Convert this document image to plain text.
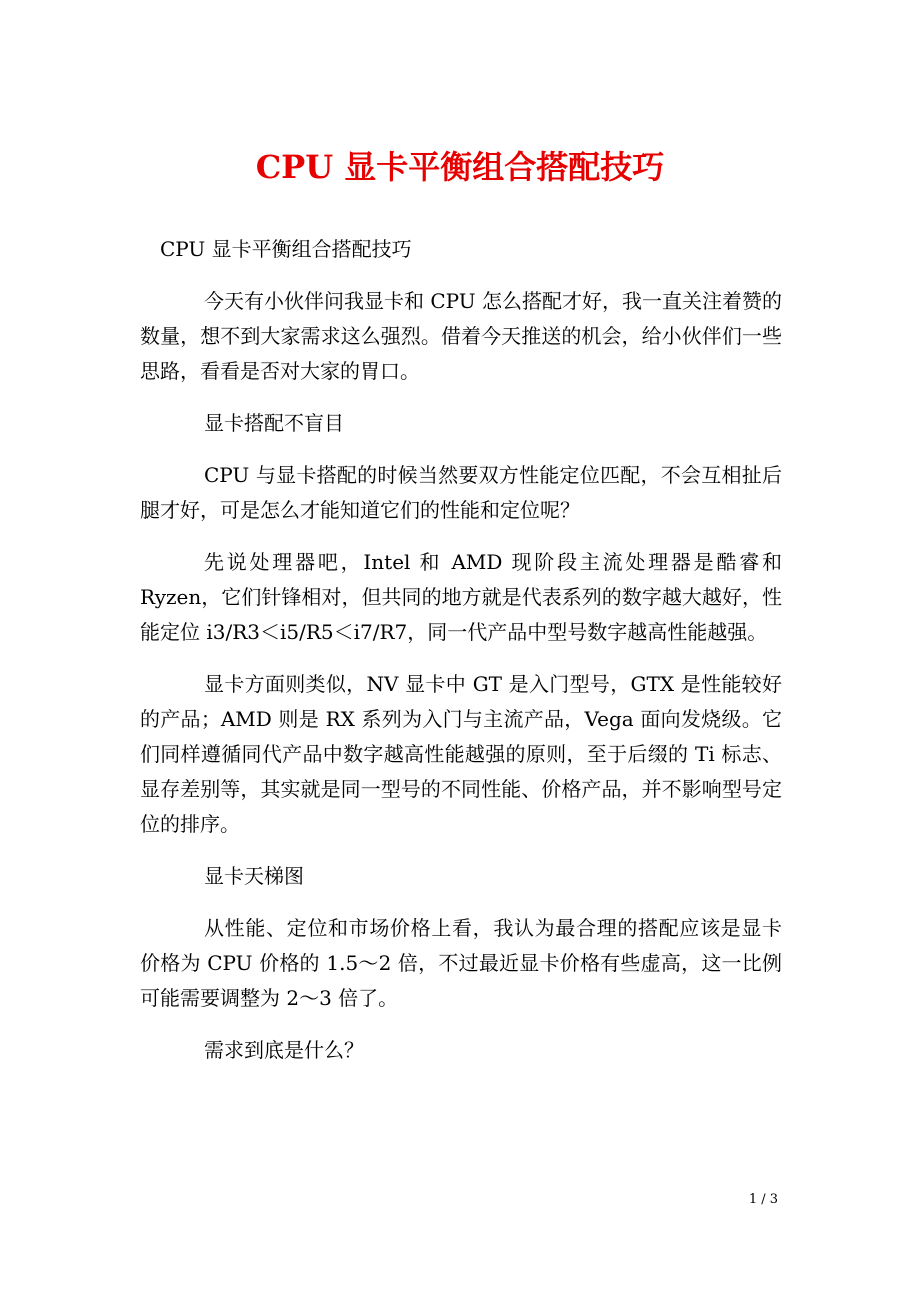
CPU 显卡平衡组合搭配技巧

CPU 显卡平衡组合搭配技巧

今天有小伙伴问我显卡和 CPU 怎么搭配才好，我一直关注着赞的数量，想不到大家需求这么强烈。借着今天推送的机会，给小伙伴们一些思路，看看是否对大家的胃口。

显卡搭配不盲目

CPU 与显卡搭配的时候当然要双方性能定位匹配，不会互相扯后腿才好，可是怎么才能知道它们的性能和定位呢？

先说处理器吧，Intel 和 AMD 现阶段主流处理器是酷睿和 Ryzen，它们针锋相对，但共同的地方就是代表系列的数字越大越好，性能定位 i3/R3＜i5/R5＜i7/R7，同一代产品中型号数字越高性能越强。

显卡方面则类似，NV 显卡中 GT 是入门型号，GTX 是性能较好的产品；AMD 则是 RX 系列为入门与主流产品，Vega 面向发烧级。它们同样遵循同代产品中数字越高性能越强的原则，至于后缀的 Ti 标志、显存差别等，其实就是同一型号的不同性能、价格产品，并不影响型号定位的排序。

显卡天梯图

从性能、定位和市场价格上看，我认为最合理的搭配应该是显卡价格为 CPU 价格的 1.5～2 倍，不过最近显卡价格有些虚高，这一比例可能需要调整为 2～3 倍了。

需求到底是什么？

1 / 3
